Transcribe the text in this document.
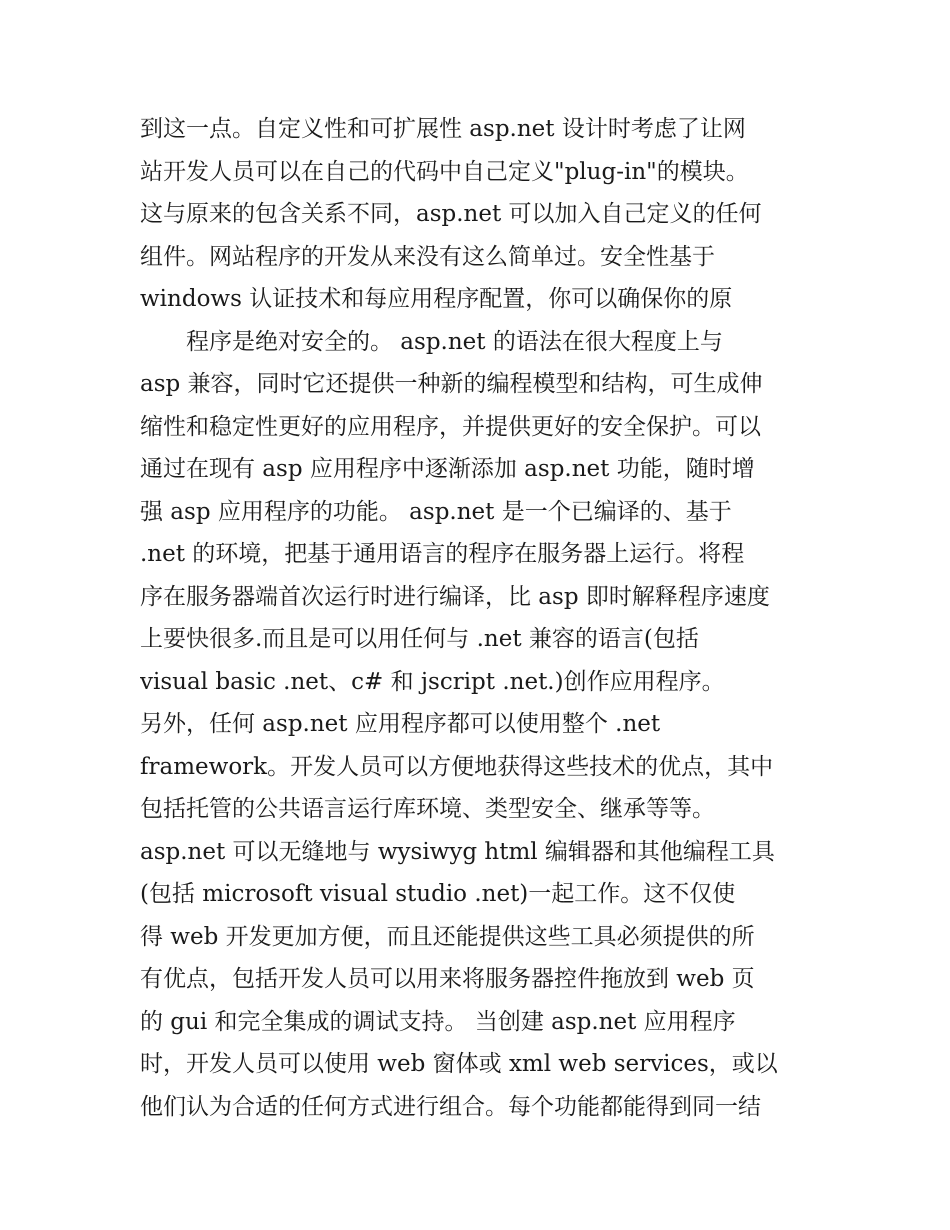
到这一点。自定义性和可扩展性 asp.net 设计时考虑了让网
站开发人员可以在自己的代码中自己定义"plug-in"的模块。
这与原来的包含关系不同，asp.net 可以加入自己定义的任何
组件。网站程序的开发从来没有这么简单过。安全性基于
windows 认证技术和每应用程序配置，你可以确保你的原
　　程序是绝对安全的。 asp.net 的语法在很大程度上与
asp 兼容，同时它还提供一种新的编程模型和结构，可生成伸
缩性和稳定性更好的应用程序，并提供更好的安全保护。可以
通过在现有 asp 应用程序中逐渐添加 asp.net 功能，随时增
强 asp 应用程序的功能。 asp.net 是一个已编译的、基于
.net 的环境，把基于通用语言的程序在服务器上运行。将程
序在服务器端首次运行时进行编译，比 asp 即时解释程序速度
上要快很多.而且是可以用任何与 .net 兼容的语言(包括
visual basic .net、c# 和 jscript .net.)创作应用程序。
另外，任何 asp.net 应用程序都可以使用整个 .net
framework。开发人员可以方便地获得这些技术的优点，其中
包括托管的公共语言运行库环境、类型安全、继承等等。
asp.net 可以无缝地与 wysiwyg html 编辑器和其他编程工具
(包括 microsoft visual studio .net)一起工作。这不仅使
得 web 开发更加方便，而且还能提供这些工具必须提供的所
有优点，包括开发人员可以用来将服务器控件拖放到 web 页
的 gui 和完全集成的调试支持。 当创建 asp.net 应用程序
时，开发人员可以使用 web 窗体或 xml web services，或以
他们认为合适的任何方式进行组合。每个功能都能得到同一结
